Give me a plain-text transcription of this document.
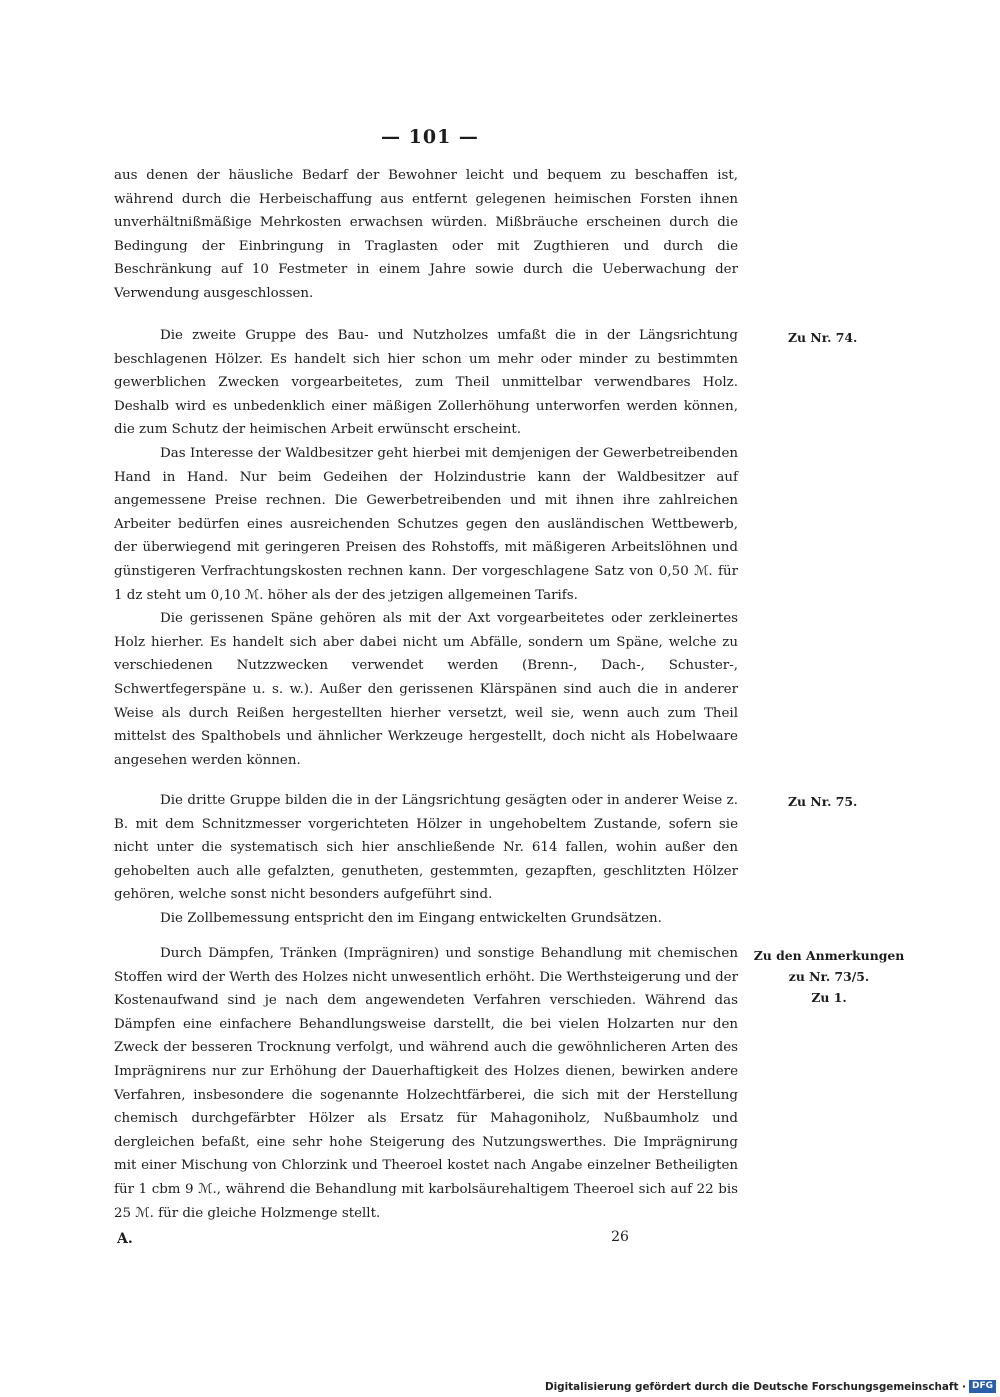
— 101 —

aus denen der häusliche Bedarf der Bewohner leicht und bequem zu beschaffen ist, während durch die Herbeischaffung aus entfernt gelegenen heimischen Forsten ihnen unverhältnißmäßige Mehrkosten erwachsen würden. Mißbräuche erscheinen durch die Bedingung der Einbringung in Traglasten oder mit Zugthieren und durch die Beschränkung auf 10 Festmeter in einem Jahre sowie durch die Ueberwachung der Verwendung ausgeschlossen.

Die zweite Gruppe des Bau- und Nutzholzes umfaßt die in der Längsrichtung beschlagenen Hölzer. Es handelt sich hier schon um mehr oder minder zu bestimmten gewerblichen Zwecken vorgearbeitetes, zum Theil unmittelbar verwendbares Holz. Deshalb wird es unbedenklich einer mäßigen Zollerhöhung unterworfen werden können, die zum Schutz der heimischen Arbeit erwünscht erscheint.

Das Interesse der Waldbesitzer geht hierbei mit demjenigen der Gewerbetreibenden Hand in Hand. Nur beim Gedeihen der Holzindustrie kann der Waldbesitzer auf angemessene Preise rechnen. Die Gewerbetreibenden und mit ihnen ihre zahlreichen Arbeiter bedürfen eines ausreichenden Schutzes gegen den ausländischen Wettbewerb, der überwiegend mit geringeren Preisen des Rohstoffs, mit mäßigeren Arbeitslöhnen und günstigeren Verfrachtungskosten rechnen kann. Der vorgeschlagene Satz von 0,50 ℳ. für 1 dz steht um 0,10 ℳ. höher als der des jetzigen allgemeinen Tarifs.

Die gerissenen Späne gehören als mit der Axt vorgearbeitetes oder zerkleinertes Holz hierher. Es handelt sich aber dabei nicht um Abfälle, sondern um Späne, welche zu verschiedenen Nutzzwecken verwendet werden (Brenn-, Dach-, Schuster-, Schwertfegerspäne u. s. w.). Außer den gerissenen Klärspänen sind auch die in anderer Weise als durch Reißen hergestellten hierher versetzt, weil sie, wenn auch zum Theil mittelst des Spalthobels und ähnlicher Werkzeuge hergestellt, doch nicht als Hobelwaare angesehen werden können.

Die dritte Gruppe bilden die in der Längsrichtung gesägten oder in anderer Weise z. B. mit dem Schnitzmesser vorgerichteten Hölzer in ungehobeltem Zustande, sofern sie nicht unter die systematisch sich hier anschließende Nr. 614 fallen, wohin außer den gehobelten auch alle gefalzten, genutheten, gestemmten, gezapften, geschlitzten Hölzer gehören, welche sonst nicht besonders aufgeführt sind.

Die Zollbemessung entspricht den im Eingang entwickelten Grundsätzen.

Durch Dämpfen, Tränken (Imprägniren) und sonstige Behandlung mit chemischen Stoffen wird der Werth des Holzes nicht unwesentlich erhöht. Die Werthsteigerung und der Kostenaufwand sind je nach dem angewendeten Verfahren verschieden. Während das Dämpfen eine einfachere Behandlungsweise darstellt, die bei vielen Holzarten nur den Zweck der besseren Trocknung verfolgt, und während auch die gewöhnlicheren Arten des Imprägnirens nur zur Erhöhung der Dauerhaftigkeit des Holzes dienen, bewirken andere Verfahren, insbesondere die sogenannte Holzechtfärberei, die sich mit der Herstellung chemisch durchgefärbter Hölzer als Ersatz für Mahagoniholz, Nußbaumholz und dergleichen befaßt, eine sehr hohe Steigerung des Nutzungswerthes. Die Imprägnirung mit einer Mischung von Chlorzink und Theeroel kostet nach Angabe einzelner Betheiligten für 1 cbm 9 ℳ., während die Behandlung mit karbolsäurehaltigem Theeroel sich auf 22 bis 25 ℳ. für die gleiche Holzmenge stellt.

Zu Nr. 74.
Zu Nr. 75.
Zu den Anmerkungen
zu Nr. 73/5.
Zu 1.
A.	26
Digitalisierung gefördert durch die Deutsche Forschungsgemeinschaft · DFG
